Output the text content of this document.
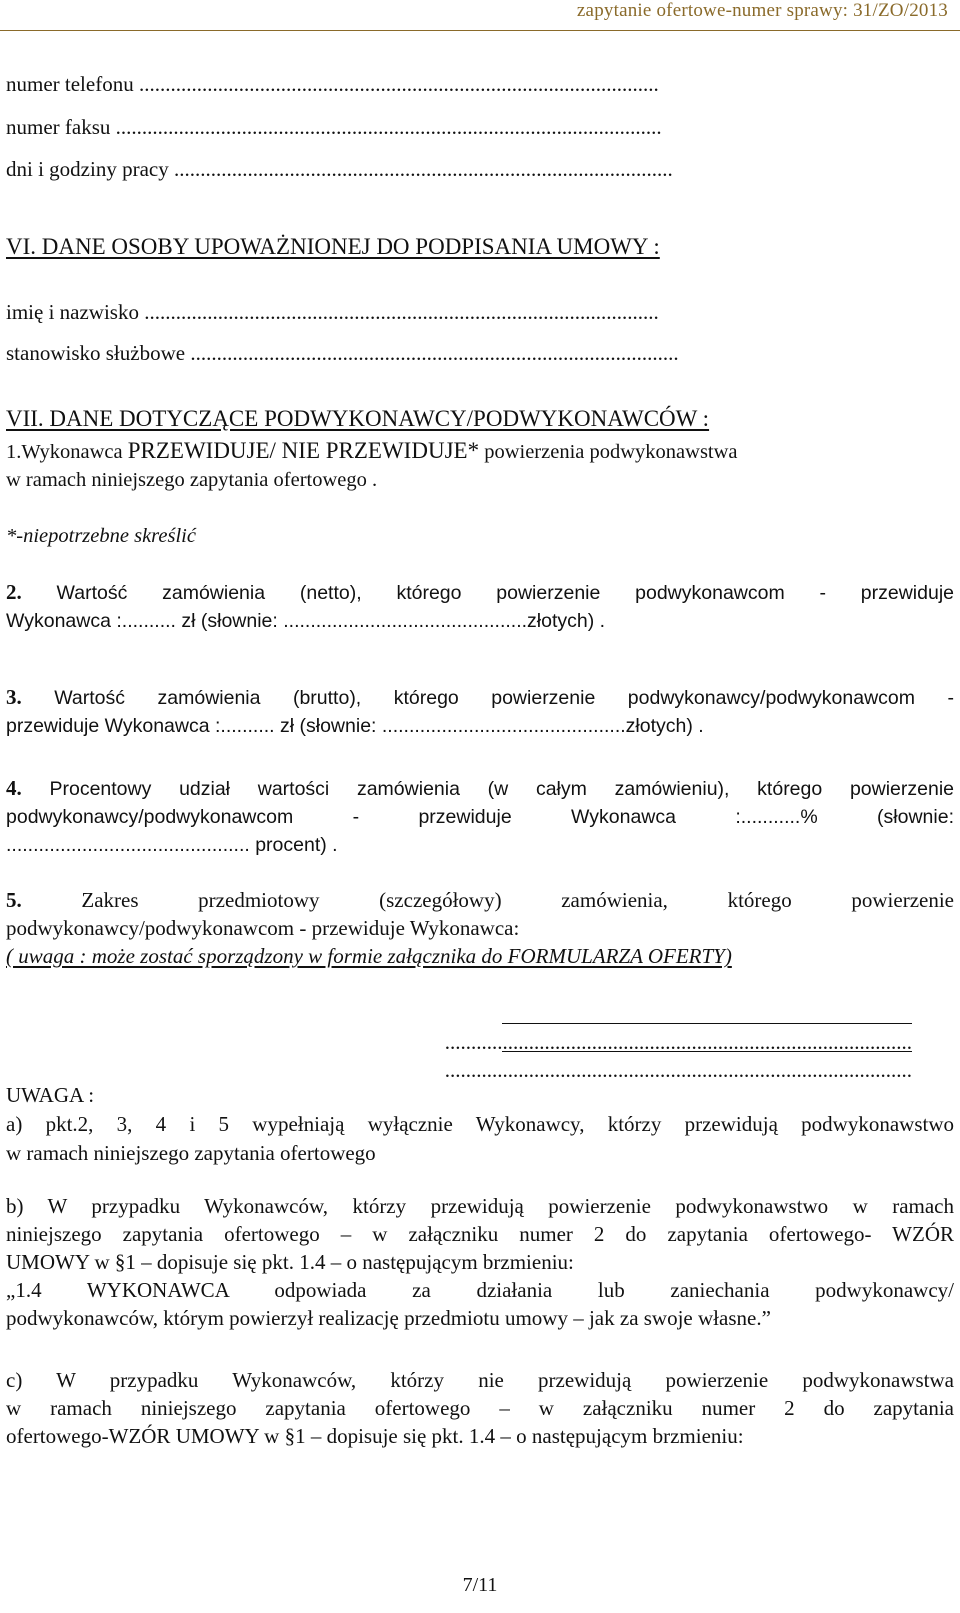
zapytanie ofertowe-numer sprawy: 31/ZO/2013
numer telefonu ...................................................................................................
numer faksu ........................................................................................................
dni i godziny pracy ...............................................................................................
VI. DANE OSOBY UPOWAŻNIONEJ DO PODPISANIA UMOWY :
imię i nazwisko ..................................................................................................
stanowisko służbowe .............................................................................................
VII. DANE DOTYCZĄCE PODWYKONAWCY/PODWYKONAWCÓW :
1.Wykonawca PRZEWIDUJE/ NIE PRZEWIDUJE* powierzenia podwykonawstwa
w ramach niniejszego zapytania ofertowego .
*-niepotrzebne skreślić
2. Wartość zamówienia (netto), którego powierzenie podwykonawcom - przewiduje
Wykonawca :.......... zł (słownie: .............................................złotych) .
3. Wartość zamówienia (brutto), którego powierzenie podwykonawcy/podwykonawcom -
przewiduje Wykonawca :.......... zł (słownie: .............................................złotych) .
4. Procentowy udział wartości zamówienia (w całym zamówieniu), którego powierzenie
podwykonawcy/podwykonawcom - przewiduje Wykonawca :...........% (słownie:
............................................. procent) .
5. Zakres przedmiotowy (szczegółowy) zamówienia, którego powierzenie
podwykonawcy/podwykonawcom - przewiduje Wykonawca:
( uwaga : może zostać sporządzony w formie załącznika do FORMULARZA OFERTY)
.........................................................................................
.........................................................................................
UWAGA :
a) pkt.2, 3, 4 i 5 wypełniają wyłącznie Wykonawcy, którzy przewidują podwykonawstwo
w ramach niniejszego zapytania ofertowego
b) W przypadku Wykonawców, którzy przewidują powierzenie podwykonawstwo w ramach
niniejszego zapytania ofertowego – w załączniku numer 2 do zapytania ofertowego- WZÓR
UMOWY w §1 – dopisuje się pkt. 1.4 – o następującym brzmieniu:
„1.4 WYKONAWCA odpowiada za działania lub zaniechania podwykonawcy/
podwykonawców, którym powierzył realizację przedmiotu umowy – jak za swoje własne.”
c) W przypadku Wykonawców, którzy nie przewidują powierzenie podwykonawstwa
w ramach niniejszego zapytania ofertowego – w załączniku numer 2 do zapytania
ofertowego-WZÓR UMOWY w §1 – dopisuje się pkt. 1.4 – o następującym brzmieniu:
7/11
